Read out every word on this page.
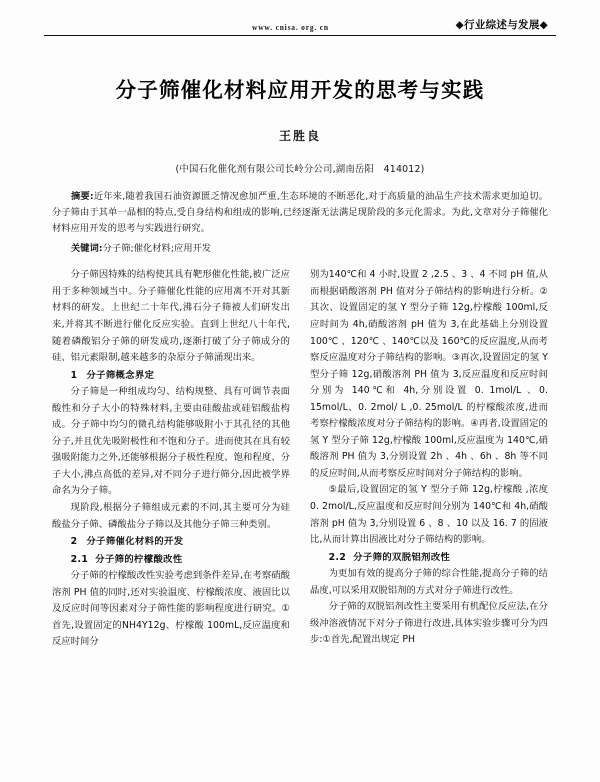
www. cnisa. org. cn	◆行业综述与发展◆
分子筛催化材料应用开发的思考与实践
王胜良
(中国石化催化剂有限公司长岭分公司,湖南岳阳　414012)
摘要:近年来,随着我国石油资源匮乏情况愈加严重,生态环境的不断恶化,对于高质量的油品生产技术需求更加迫切。分子筛由于其单一晶相的特点,受自身结构和组成的影响,已经逐渐无法满足现阶段的多元化需求。为此,文章对分子筛催化材料应用开发的思考与实践进行研究。
关键词:分子筛;催化材料;应用开发

分子筛因特殊的结构使其具有靶形催化性能,被广泛应用于多种领域当中。分子筛催化性能的应用离不开对其新材料的研发。上世纪二十年代,沸石分子筛被人们研发出来,并将其不断进行催化反应实验。直到上世纪八十年代,随着磷酸铝分子筛的研发成功,逐渐打破了分子筛成分的硅、铝元素限制,越来越多的杂原分子筛涌现出来。

1 分子筛概念界定

分子筛是一种组成均匀、结构规整、具有可调节表面酸性和分子大小的特殊材料,主要由硅酸盐或硅铝酸盐构成。分子筛中均匀的微孔结构能够吸附小于其孔径的其他分子,并且优先吸附极性和不饱和分子。进而使其在具有较强吸附能力之外,还能够根据分子极性程度、饱和程度、分子大小,沸点高低的差异,对不同分子进行筛分,因此被学界命名为分子筛。

现阶段,根据分子筛组成元素的不同,其主要可分为硅酸盐分子筛、磷酸盐分子筛以及其他分子筛三种类别。

2 分子筛催化材料的开发
2.1 分子筛的柠檬酸改性

分子筛的柠檬酸改性实验考虑到条件差异,在考察硝酸溶剂 PH 值的同时,还对实验温度、柠檬酸浓度、液固比以及反应时间等因素对分子筛性能的影响程度进行研究。①首先,设置固定的NH4Y12g、柠檬酸 100mL,反应温度和反应时间分

别为140℃和 4 小时,设置 2 ,2.5 、3 、4 不同 pH 值,从而根据硝酸溶剂 PH 值对分子筛结构的影响进行分析。②其次、设置固定的氢 Y 型分子筛 12g,柠檬酸 100ml,反应时间为 4h,硝酸溶剂 pH 值为 3,在此基础上分别设置 100℃ 、120℃ 、140℃以及 160℃的反应温度,从而考察反应温度对分子筛结构的影响。③再次,设置固定的氢 Y 型分子筛 12g,硝酸溶剂 PH 值为 3,反应温度和反应时间分别为 140℃和 4h,分别设置 0. 1mol/L 、0. 15mol/L、0. 2mol/ L ,0. 25mol/L 的柠檬酸浓度,进而考察柠檬酸浓度对分子筛结构的影响。④再者,设置固定的氢 Y 型分子筛 12g,柠檬酸 100ml,反应温度为 140℃,硝酸溶剂 PH 值为 3,分别设置 2h 、4h 、6h 、8h 等不同的反应时间,从而考察反应时间对分子筛结构的影响。

⑤最后,设置固定的氢 Y 型分子筛 12g,柠檬酸 ,浓度 0. 2mol/L,反应温度和反应时间分别为 140℃和 4h,硝酸溶剂 pH 值为 3,分别设置 6 、8 、10 以及 16. 7 的固液比,从而计算出固液比对分子筛结构的影响。

2.2 分子筛的双脱铝剂改性

为更加有效的提高分子筛的综合性能,提高分子筛的结晶度,可以采用双脱铝剂的方式对分子筛进行改性。

分子筛的双脱铝剂改性主要采用有机配位反应法,在分级冲溶液情况下对分子筛进行改进,具体实验步骤可分为四步:①首先,配置出规定 PH
